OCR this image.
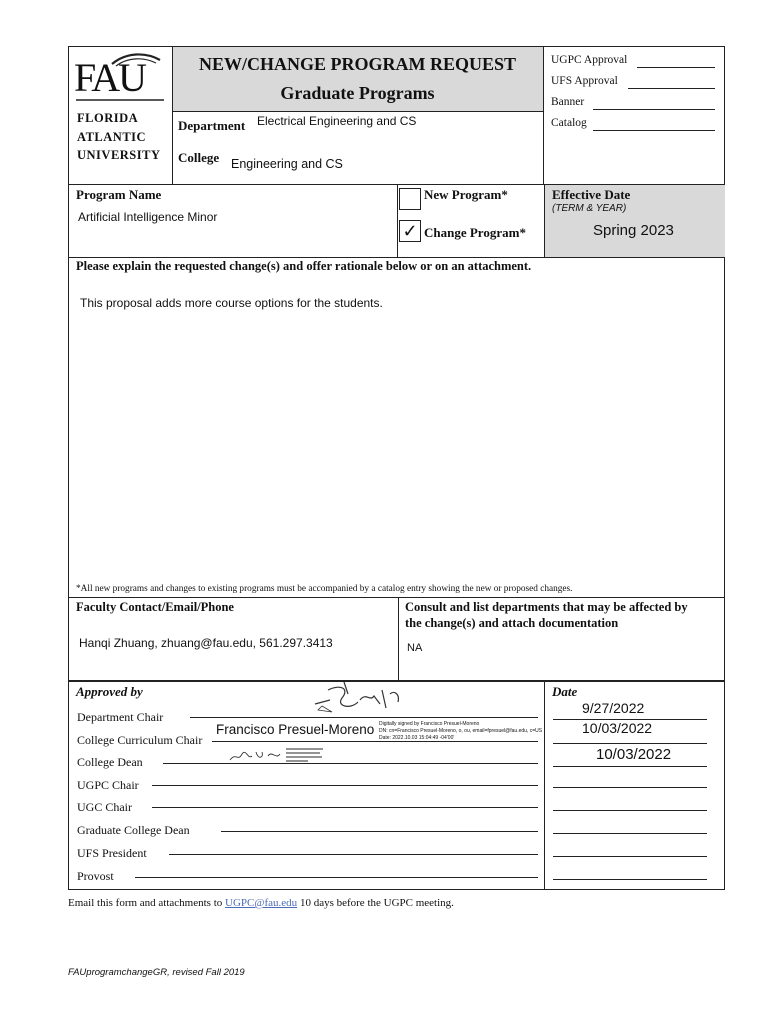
FAU
FLORIDA
ATLANTIC
UNIVERSITY
NEW/CHANGE PROGRAM REQUEST
Graduate Programs
Department Electrical Engineering and CS
College Engineering and CS
UGPC Approval
UFS Approval
Banner
Catalog
Program Name
Artificial Intelligence Minor
New Program*
✓ Change Program*
Effective Date
(TERM & YEAR)
Spring 2023
Please explain the requested change(s) and offer rationale below or on an attachment.
This proposal adds more course options for the students.
*All new programs and changes to existing programs must be accompanied by a catalog entry showing the new or proposed changes.
Faculty Contact/Email/Phone
Hanqi Zhuang, zhuang@fau.edu, 561.297.3413
Consult and list departments that may be affected by
the change(s) and attach documentation
NA
Approved by	Date
Department Chair
9/27/2022
College Curriculum Chair
Francisco Presuel-Moreno Digitally signed by Francisco Presuel-Moreno
DN: cn=Francisco Presuel-Moreno, o, ou, email=fpresuel@fau.edu, c=US
Date: 2022.10.03 15:04:49 -04'00'
10/03/2022
College Dean	10/03/2022
UGPC Chair
UGC Chair
Graduate College Dean
UFS President
Provost
Email this form and attachments to UGPC@fau.edu 10 days before the UGPC meeting.
FAUprogramchangeGR, revised Fall 2019
